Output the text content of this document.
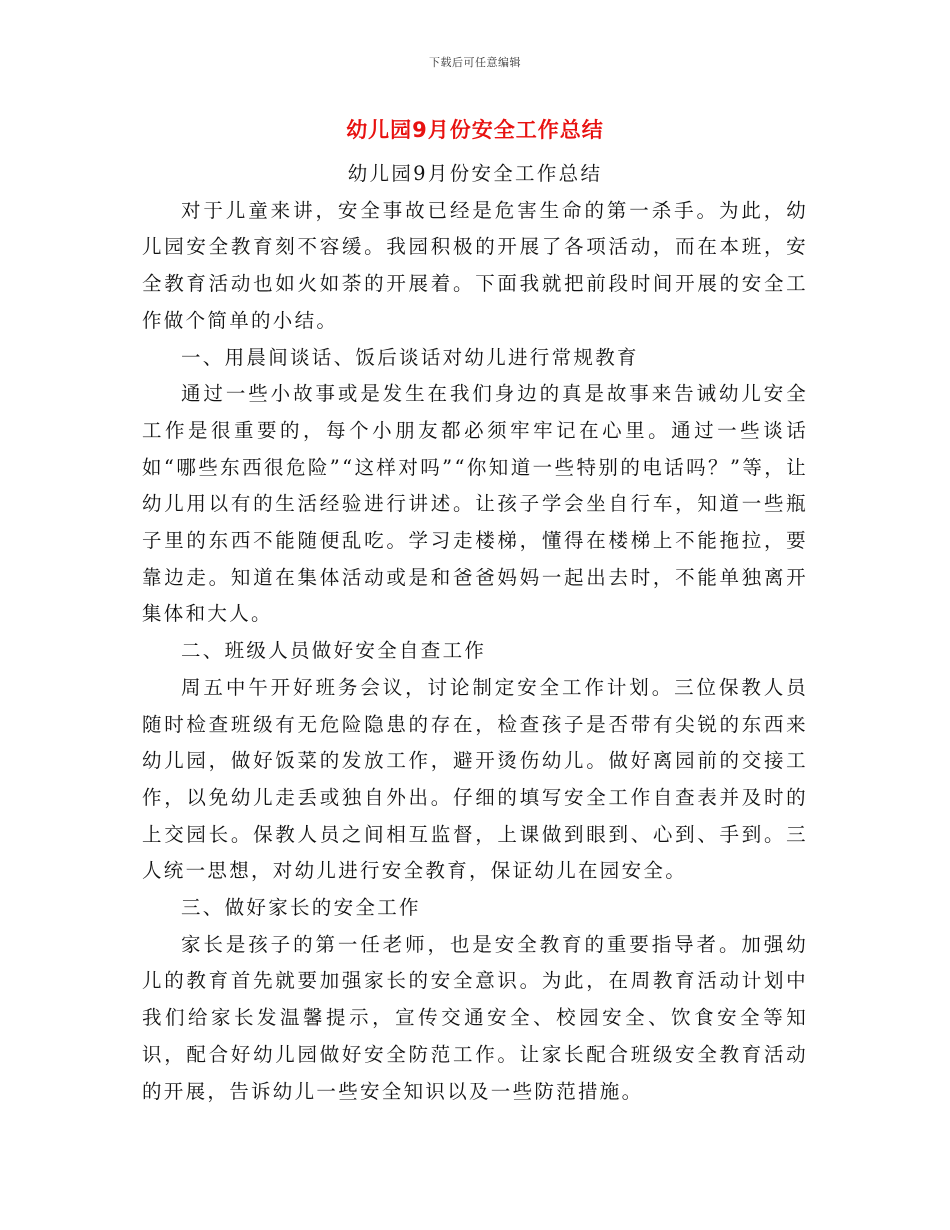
下载后可任意编辑
幼儿园9月份安全工作总结

幼儿园9月份安全工作总结

对于儿童来讲，安全事故已经是危害生命的第一杀手。为此，幼儿园安全教育刻不容缓。我园积极的开展了各项活动，而在本班，安全教育活动也如火如荼的开展着。下面我就把前段时间开展的安全工作做个简单的小结。

一、用晨间谈话、饭后谈话对幼儿进行常规教育

通过一些小故事或是发生在我们身边的真是故事来告诫幼儿安全工作是很重要的，每个小朋友都必须牢牢记在心里。通过一些谈话如“哪些东西很危险”“这样对吗”“你知道一些特别的电话吗？”等，让幼儿用以有的生活经验进行讲述。让孩子学会坐自行车，知道一些瓶子里的东西不能随便乱吃。学习走楼梯，懂得在楼梯上不能拖拉，要靠边走。知道在集体活动或是和爸爸妈妈一起出去时，不能单独离开集体和大人。

二、班级人员做好安全自查工作

周五中午开好班务会议，讨论制定安全工作计划。三位保教人员随时检查班级有无危险隐患的存在，检查孩子是否带有尖锐的东西来幼儿园，做好饭菜的发放工作，避开烫伤幼儿。做好离园前的交接工作，以免幼儿走丢或独自外出。仔细的填写安全工作自查表并及时的上交园长。保教人员之间相互监督，上课做到眼到、心到、手到。三人统一思想，对幼儿进行安全教育，保证幼儿在园安全。

三、做好家长的安全工作

家长是孩子的第一任老师，也是安全教育的重要指导者。加强幼儿的教育首先就要加强家长的安全意识。为此，在周教育活动计划中我们给家长发温馨提示，宣传交通安全、校园安全、饮食安全等知识，配合好幼儿园做好安全防范工作。让家长配合班级安全教育活动的开展，告诉幼儿一些安全知识以及一些防范措施。
